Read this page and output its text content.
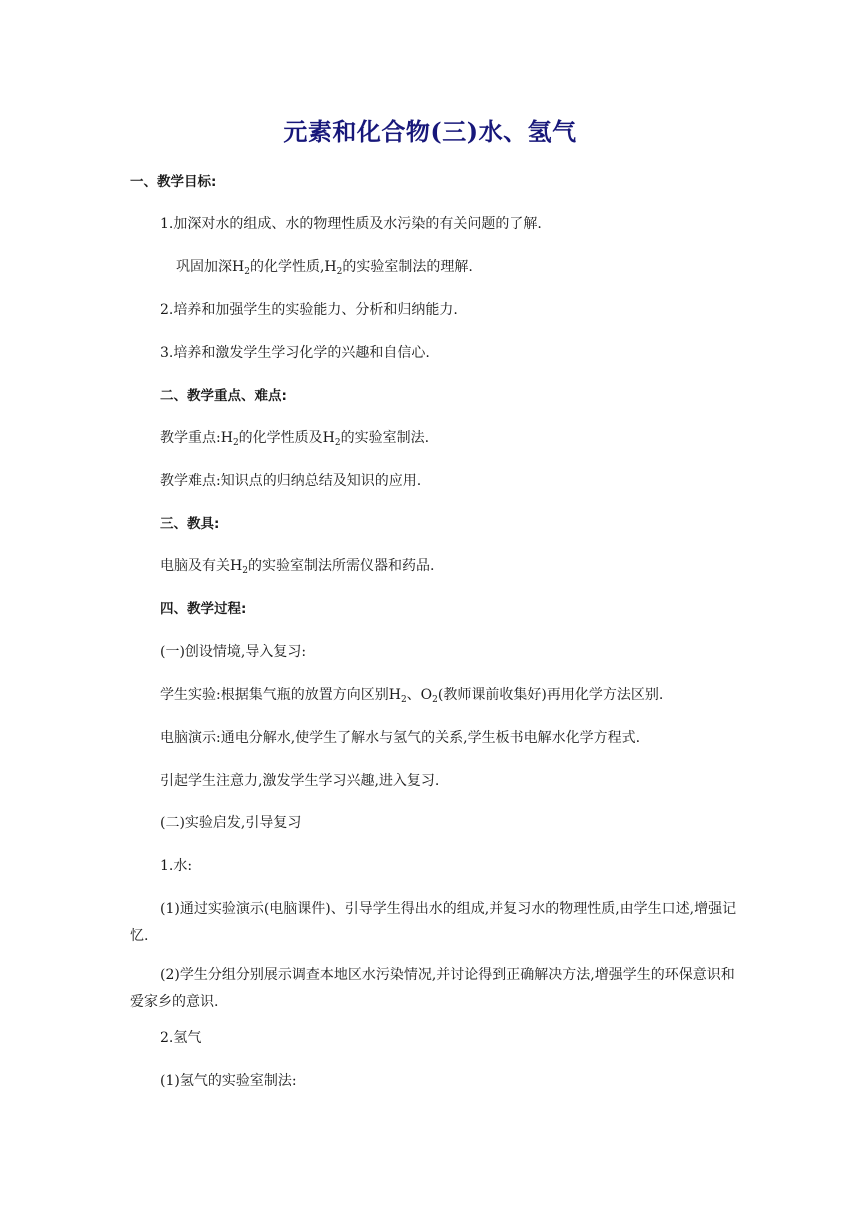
元素和化合物(三)水、氢气
一、教学目标:
1.加深对水的组成、水的物理性质及水污染的有关问题的了解.
巩固加深$H_2$的化学性质$,H_2$的实验室制法的理解.
2.培养和加强学生的实验能力、分析和归纳能力.
3.培养和激发学生学习化学的兴趣和自信心.
二、教学重点、难点:
教学重点$:H_2$的化学性质及$H_2$的实验室制法.
教学难点:知识点的归纳总结及知识的应用.
三、教具:
电脑及有关$H_2$的实验室制法所需仪器和药品.
四、教学过程:
(一)创设情境,导入复习:
学生实验:根据集气瓶的放置方向区别$H_2$、$O_2$(教师课前收集好)再用化学方法区别.
电脑演示:通电分解水,使学生了解水与氢气的关系,学生板书电解水化学方程式.
引起学生注意力,激发学生学习兴趣,进入复习.
(二)实验启发,引导复习
1.水:
(1)通过实验演示(电脑课件)、引导学生得出水的组成,并复习水的物理性质,由学生口述,增强记忆.
(2)学生分组分别展示调查本地区水污染情况,并讨论得到正确解决方法,增强学生的环保意识和爱家乡的意识.
2.氢气
(1)氢气的实验室制法:
